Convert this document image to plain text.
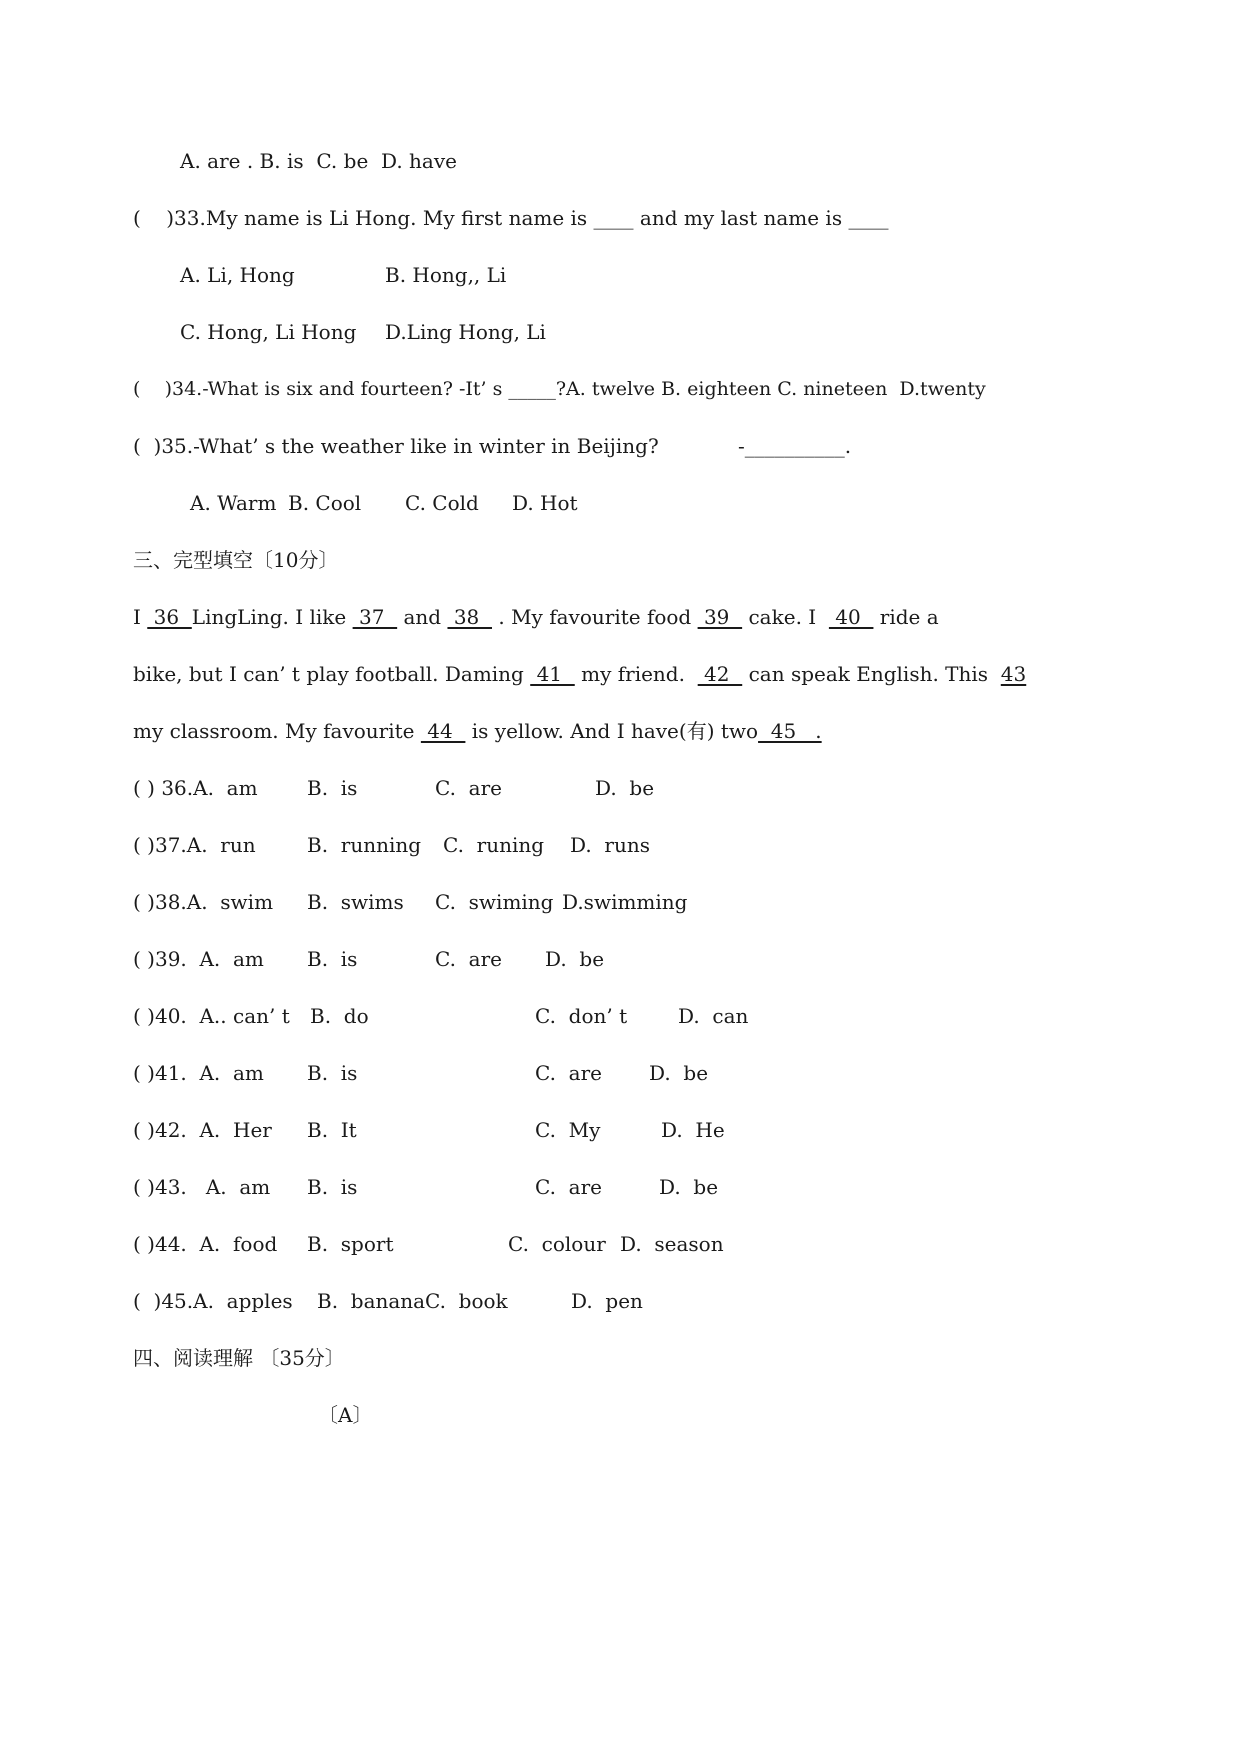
A. are . B. is  C. be  D. have
(    )33.My name is Li Hong. My first name is ____ and my last name is ____
A. Li, Hong	B. Hong,, Li
C. Hong, Li Hong D.Ling Hong, Li
(    )34.-What is six and fourteen? -It’ s _____?A. twelve B. eighteen C. nineteen  D.twenty
(  )35.-What’ s the weather like in winter in Beijing?	-__________.
A. Warm B. Cool C. Cold D. Hot
三、完型填空〔10分〕
I  36  LingLing. I like  37   and  38   . My favourite food  39   cake. I   40   ride a
bike, but I can’ t play football. Daming  41   my friend.   42   can speak English. This  43
my classroom. My favourite  44   is yellow. And I have(有) two  45   .
( ) 36.A.  am B.  is	C.  are	D.  be
( )37.A.  run	B.  running C.  runing D.  runs
( )38.A.  swim B.  swims C.  swiming D.swimming
( )39.  A.  am B.  is	C.  are D.  be
( )40.  A.. can’ t B.  do	C.  don’ t	D.  can
( )41.  A.  am B.  is	C.  are D.  be
( )42.  A.  Her B.  It	C.  My	D.  He
( )43.   A.  am B.  is	C.  are	D.  be
( )44.  A.  food B.  sport	C.  colour D.  season
(  )45.A.  apples B.  banana C.  book	D.  pen
四、阅读理解 〔35分〕
〔A〕
